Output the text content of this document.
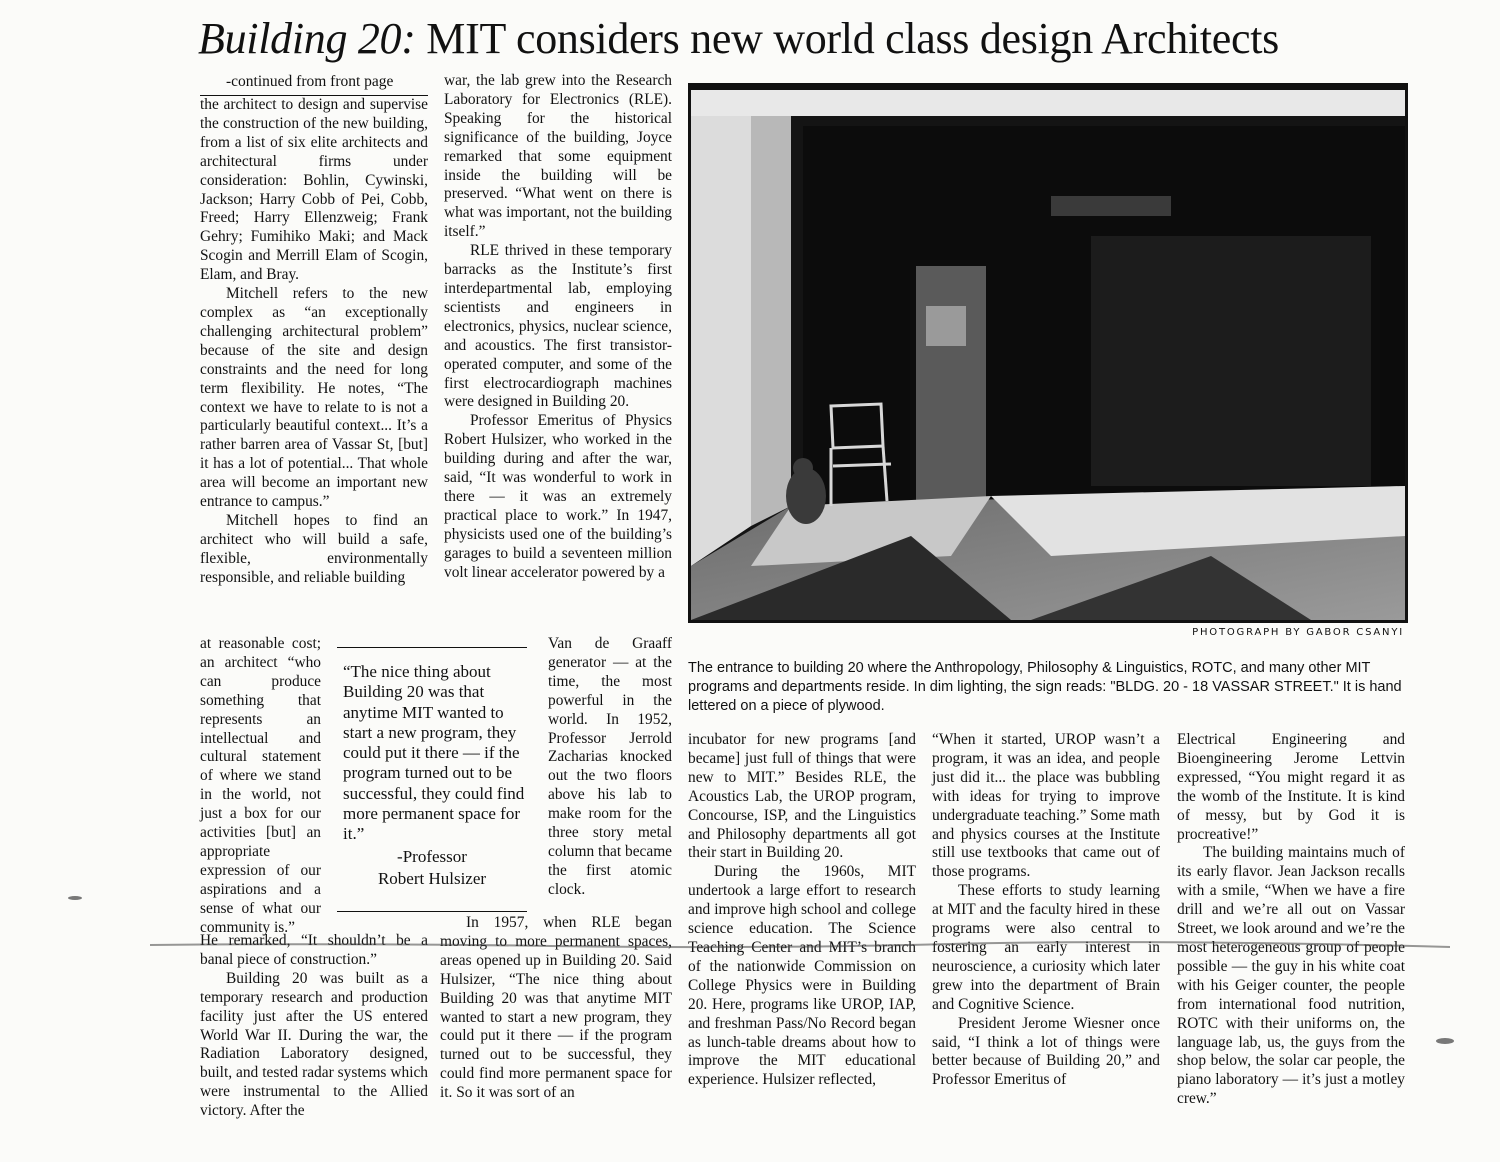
Building 20: MIT considers new world class design Architects

-continued from front page

the architect to design and supervise the construction of the new building, from a list of six elite architects and architectural firms under consideration: Bohlin, Cywinski, Jackson; Harry Cobb of Pei, Cobb, Freed; Harry Ellenzweig; Frank Gehry; Fumihiko Maki; and Mack Scogin and Merrill Elam of Scogin, Elam, and Bray.

Mitchell refers to the new complex as “an exceptionally challenging architectural problem” because of the site and design constraints and the need for long term flexibility. He notes, “The context we have to relate to is not a particularly beautiful context... It’s a rather barren area of Vassar St, [but] it has a lot of potential... That whole area will become an important new entrance to campus.”

Mitchell hopes to find an architect who will build a safe, flexible, environmentally responsible, and reliable building

at reasonable cost; an architect “who can produce something that represents an intellectual and cultural statement of where we stand in the world, not just a box for our activities [but] an appropriate expression of our aspirations and a sense of what our community is.”

He remarked, “It shouldn’t be a banal piece of construction.”

Building 20 was built as a temporary research and production facility just after the US entered World War II. During the war, the Radiation Laboratory designed, built, and tested radar systems which were instrumental to the Allied victory. After the

war, the lab grew into the Research Laboratory for Electronics (RLE). Speaking for the historical significance of the building, Joyce remarked that some equipment inside the building will be preserved. “What went on there is what was important, not the building itself.”

RLE thrived in these temporary barracks as the Institute’s first interdepartmental lab, employing scientists and engineers in electronics, physics, nuclear science, and acoustics. The first transistor-operated computer, and some of the first electrocardiograph machines were designed in Building 20.

Professor Emeritus of Physics Robert Hulsizer, who worked in the building during and after the war, said, “It was wonderful to work in there — it was an extremely practical place to work.” In 1947, physicists used one of the building’s garages to build a seventeen million volt linear accelerator powered by a

Van de Graaff generator — at the time, the most powerful in the world. In 1952, Professor Jerrold Zacharias knocked out the two floors above his lab to make room for the three story metal column that became the first atomic clock.

In 1957, when RLE began moving to more permanent spaces, areas opened up in Building 20. Said Hulsizer, “The nice thing about Building 20 was that anytime MIT wanted to start a new program, they could put it there — if the program turned out to be successful, they could find more permanent space for it. So it was sort of an

“The nice thing about Building 20 was that anytime MIT wanted to start a new program, they could put it there — if the program turned out to be successful, they could find more permanent space for it.”

-Professor
Robert Hulsizer
PHOTOGRAPH BY GABOR CSANYI
The entrance to building 20 where the Anthropology, Philosophy & Linguistics, ROTC, and many other MIT programs and departments reside. In dim lighting, the sign reads: "BLDG. 20 - 18 VASSAR STREET." It is hand lettered on a piece of plywood.

incubator for new programs [and became] just full of things that were new to MIT.” Besides RLE, the Acoustics Lab, the UROP program, Concourse, ISP, and the Linguistics and Philosophy departments all got their start in Building 20.

During the 1960s, MIT undertook a large effort to research and improve high school and college science education. The Science Teaching Center and MIT’s branch of the nationwide Commission on College Physics were in Building 20. Here, programs like UROP, IAP, and freshman Pass/No Record began as lunch-table dreams about how to improve the MIT educational experience. Hulsizer reflected,

“When it started, UROP wasn’t a program, it was an idea, and people just did it... the place was bubbling with ideas for trying to improve undergraduate teaching.” Some math and physics courses at the Institute still use textbooks that came out of those programs.

These efforts to study learning at MIT and the faculty hired in these programs were also central to fostering an early interest in neuroscience, a curiosity which later grew into the department of Brain and Cognitive Science.

President Jerome Wiesner once said, “I think a lot of things were better because of Building 20,” and Professor Emeritus of

Electrical Engineering and Bioengineering Jerome Lettvin expressed, “You might regard it as the womb of the Institute. It is kind of messy, but by God it is procreative!”

The building maintains much of its early flavor. Jean Jackson recalls with a smile, “When we have a fire drill and we’re all out on Vassar Street, we look around and we’re the most heterogeneous group of people possible — the guy in his white coat with his Geiger counter, the people from international food nutrition, ROTC with their uniforms on, the language lab, us, the guys from the shop below, the solar car people, the piano laboratory — it’s just a motley crew.”
